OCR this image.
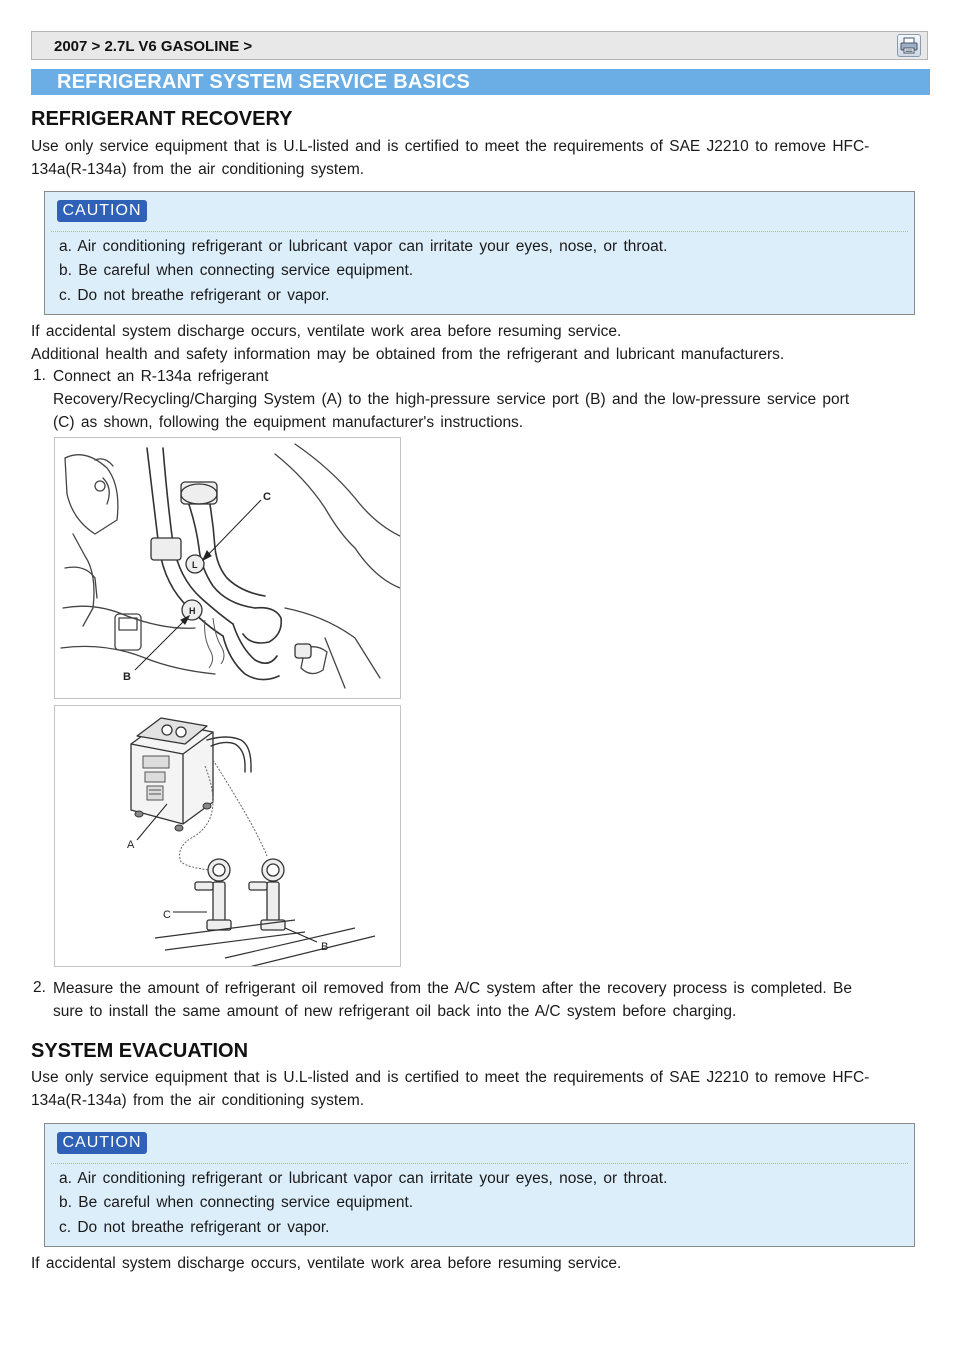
2007 > 2.7L V6 GASOLINE >
REFRIGERANT SYSTEM SERVICE BASICS
REFRIGERANT RECOVERY
Use only service equipment that is U.L-listed and is certified to meet the requirements of SAE J2210 to remove HFC-
134a(R-134a) from the air conditioning system.
CAUTION
a. Air conditioning refrigerant or lubricant vapor can irritate your eyes, nose, or throat.
b. Be careful when connecting service equipment.
c. Do not breathe refrigerant or vapor.
If accidental system discharge occurs, ventilate work area before resuming service.
Additional health and safety information may be obtained from the refrigerant and lubricant manufacturers.
1. Connect an R-134a refrigerant
Recovery/Recycling/Charging System (A) to the high-pressure service port (B) and the low-pressure service port
(C) as shown, following the equipment manufacturer's instructions.
L
H
C
B
A
C
B
2. Measure the amount of refrigerant oil removed from the A/C system after the recovery process is completed. Be
sure to install the same amount of new refrigerant oil back into the A/C system before charging.
SYSTEM EVACUATION
Use only service equipment that is U.L-listed and is certified to meet the requirements of SAE J2210 to remove HFC-
134a(R-134a) from the air conditioning system.
CAUTION
a. Air conditioning refrigerant or lubricant vapor can irritate your eyes, nose, or throat.
b. Be careful when connecting service equipment.
c. Do not breathe refrigerant or vapor.
If accidental system discharge occurs, ventilate work area before resuming service.
